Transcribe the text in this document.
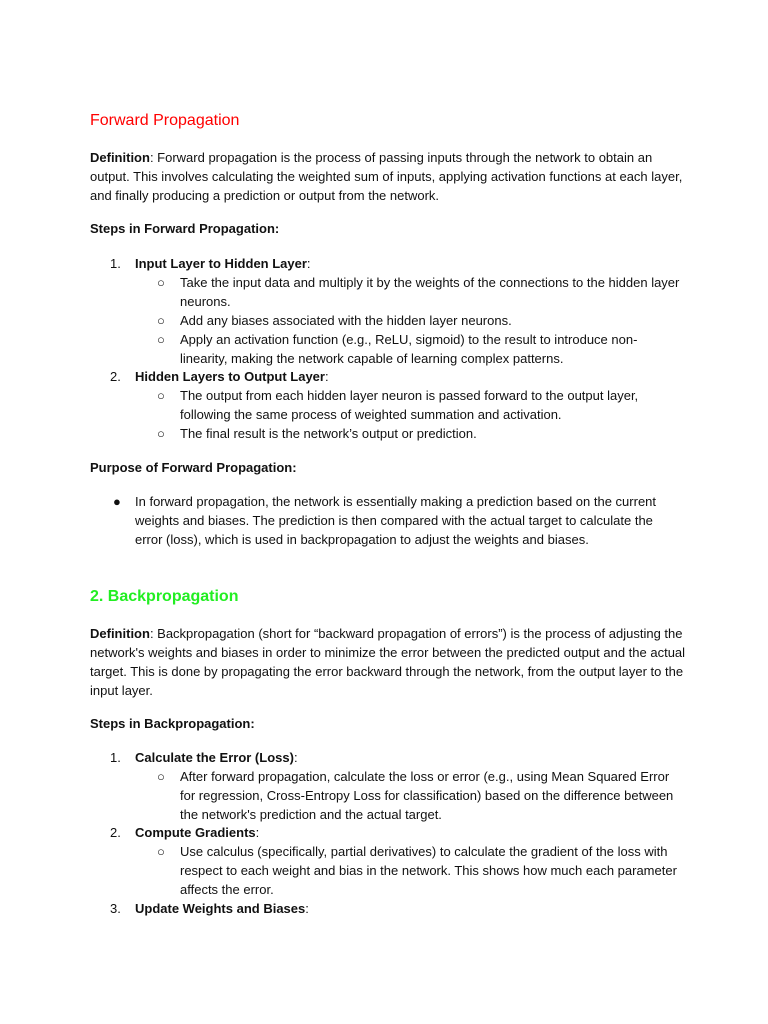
Forward Propagation

Definition: Forward propagation is the process of passing inputs through the network to obtain an output. This involves calculating the weighted sum of inputs, applying activation functions at each layer, and finally producing a prediction or output from the network.

Steps in Forward Propagation:

1.	Input Layer to Hidden Layer:
○	Take the input data and multiply it by the weights of the connections to the hidden layer neurons.
○	Add any biases associated with the hidden layer neurons.
○	Apply an activation function (e.g., ReLU, sigmoid) to the result to introduce non-linearity, making the network capable of learning complex patterns.
2.	Hidden Layers to Output Layer:
○	The output from each hidden layer neuron is passed forward to the output layer, following the same process of weighted summation and activation.
○	The final result is the network’s output or prediction.

Purpose of Forward Propagation:

● In forward propagation, the network is essentially making a prediction based on the current weights and biases. The prediction is then compared with the actual target to calculate the error (loss), which is used in backpropagation to adjust the weights and biases.

2. Backpropagation

Definition: Backpropagation (short for “backward propagation of errors”) is the process of adjusting the network's weights and biases in order to minimize the error between the predicted output and the actual target. This is done by propagating the error backward through the network, from the output layer to the input layer.

Steps in Backpropagation:

1.	Calculate the Error (Loss):
○	After forward propagation, calculate the loss or error (e.g., using Mean Squared Error for regression, Cross-Entropy Loss for classification) based on the difference between the network's prediction and the actual target.
2.	Compute Gradients:
○	Use calculus (specifically, partial derivatives) to calculate the gradient of the loss with respect to each weight and bias in the network. This shows how much each parameter affects the error.
3.	Update Weights and Biases:
